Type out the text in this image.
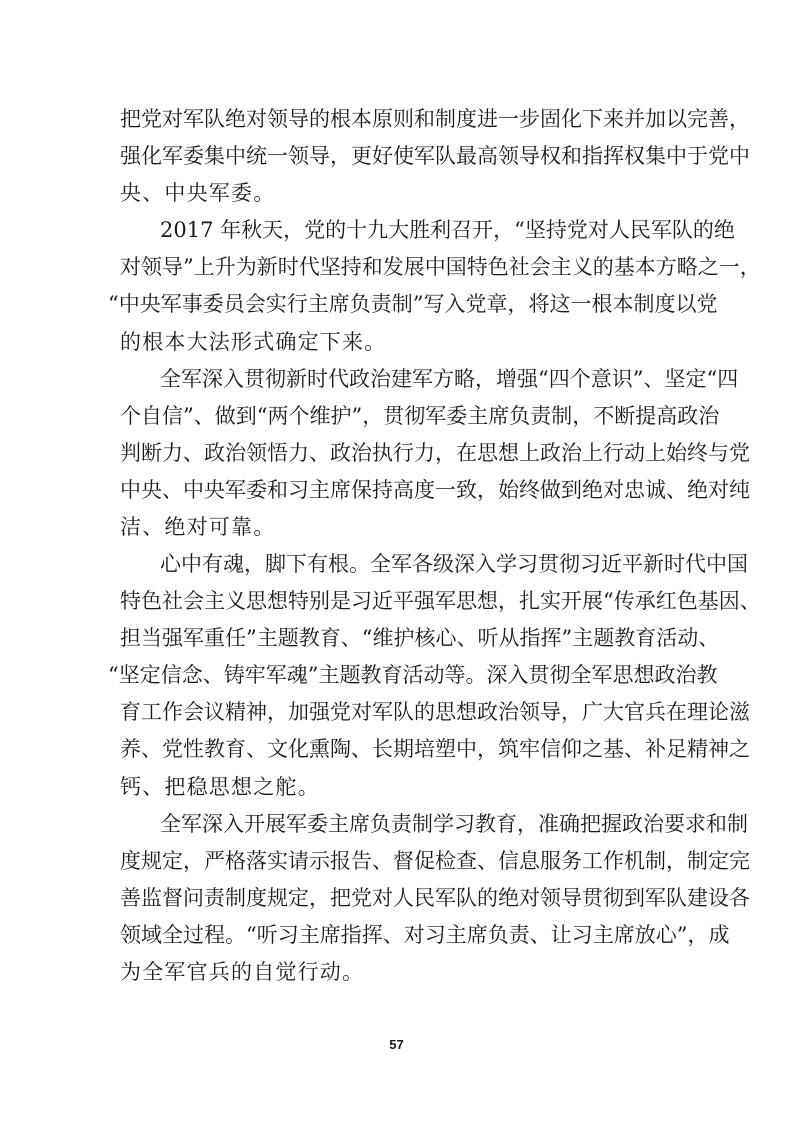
把党对军队绝对领导的根本原则和制度进一步固化下来并加以完善，
强化军委集中统一领导，更好使军队最高领导权和指挥权集中于党中
央、中央军委。
2017 年秋天，党的十九大胜利召开，“坚持党对人民军队的绝
对领导”上升为新时代坚持和发展中国特色社会主义的基本方略之一，
“中央军事委员会实行主席负责制”写入党章，将这一根本制度以党
的根本大法形式确定下来。
全军深入贯彻新时代政治建军方略，增强“四个意识”、坚定“四
个自信”、做到“两个维护”，贯彻军委主席负责制，不断提高政治
判断力、政治领悟力、政治执行力，在思想上政治上行动上始终与党
中央、中央军委和习主席保持高度一致，始终做到绝对忠诚、绝对纯
洁、绝对可靠。
心中有魂，脚下有根。全军各级深入学习贯彻习近平新时代中国
特色社会主义思想特别是习近平强军思想，扎实开展“传承红色基因、
担当强军重任”主题教育、“维护核心、听从指挥”主题教育活动、
“坚定信念、铸牢军魂”主题教育活动等。深入贯彻全军思想政治教
育工作会议精神，加强党对军队的思想政治领导，广大官兵在理论滋
养、党性教育、文化熏陶、长期培塑中，筑牢信仰之基、补足精神之
钙、把稳思想之舵。
全军深入开展军委主席负责制学习教育，准确把握政治要求和制
度规定，严格落实请示报告、督促检查、信息服务工作机制，制定完
善监督问责制度规定，把党对人民军队的绝对领导贯彻到军队建设各
领域全过程。“听习主席指挥、对习主席负责、让习主席放心”，成
为全军官兵的自觉行动。
57
